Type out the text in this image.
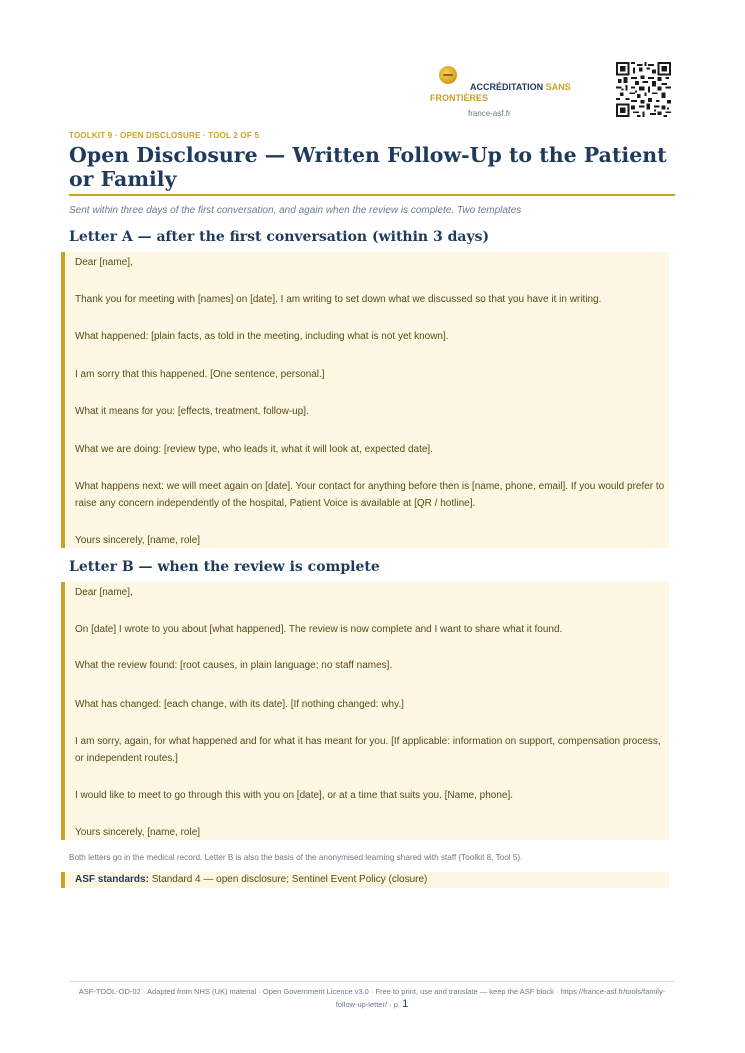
ACCRÉDITATION SANS FRONTIÈRES
france-asf.fr
TOOLKIT 9 · OPEN DISCLOSURE · TOOL 2 OF 5
Open Disclosure — Written Follow-Up to the Patient or Family
Sent within three days of the first conversation, and again when the review is complete. Two templates
Letter A — after the first conversation (within 3 days)

Dear [name],

Thank you for meeting with [names] on [date]. I am writing to set down what we discussed so that you have it in writing.

What happened: [plain facts, as told in the meeting, including what is not yet known].

I am sorry that this happened. [One sentence, personal.]

What it means for you: [effects, treatment, follow-up].

What we are doing: [review type, who leads it, what it will look at, expected date].

What happens next: we will meet again on [date]. Your contact for anything before then is [name, phone, email]. If you would prefer to raise any concern independently of the hospital, Patient Voice is available at [QR / hotline].

Yours sincerely, [name, role]

Letter B — when the review is complete

Dear [name],

On [date] I wrote to you about [what happened]. The review is now complete and I want to share what it found.

What the review found: [root causes, in plain language; no staff names].

What has changed: [each change, with its date]. [If nothing changed: why.]

I am sorry, again, for what happened and for what it has meant for you. [If applicable: information on support, compensation process, or independent routes.]

I would like to meet to go through this with you on [date], or at a time that suits you. [Name, phone].

Yours sincerely, [name, role]

Both letters go in the medical record. Letter B is also the basis of the anonymised learning shared with staff (Toolkit 8, Tool 5).
ASF standards: Standard 4 — open disclosure; Sentinel Event Policy (closure)
ASF-TOOL-OD-02 · Adapted from NHS (UK) material · Open Government Licence v3.0 · Free to print, use and translate — keep the ASF block · https://france-asf.fr/tools/family-follow-up-letter/ · p. 1
